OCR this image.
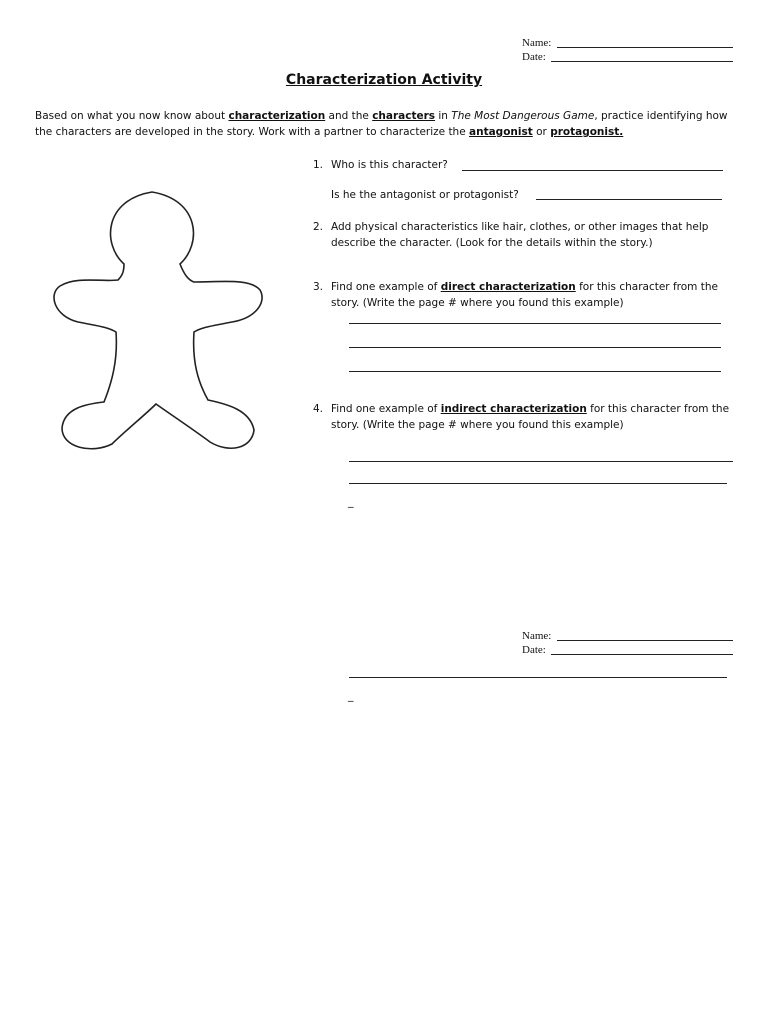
Name:
Date:
Characterization Activity
Based on what you now know about characterization and the characters in The Most Dangerous Game, practice identifying how the characters are developed in the story. Work with a partner to characterize the antagonist or protagonist.
1. Who is this character?
Is he the antagonist or protagonist?
2. Add physical characteristics like hair, clothes, or other images that help describe the character. (Look for the details within the story.)
3. Find one example of direct characterization for this character from the story. (Write the page # where you found this example)
4. Find one example of indirect characterization for this character from the story. (Write the page # where you found this example)
_
Name:
Date:
_
